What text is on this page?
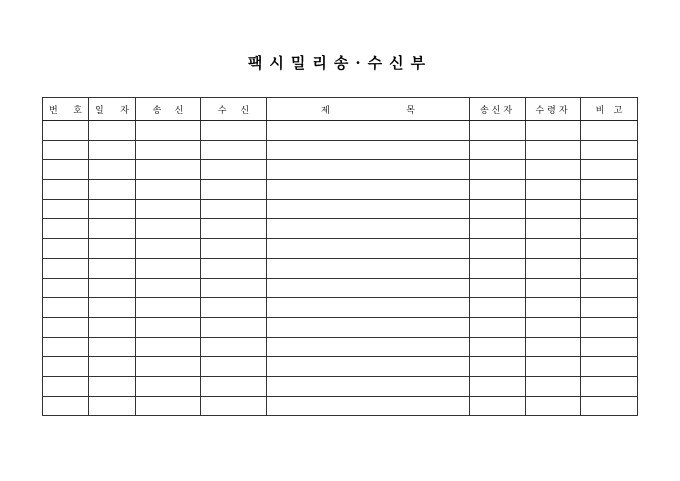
팩시밀리송·수신부
번 호	일 자	송 신	수 신	제 목	송신자	수령자	비 고
